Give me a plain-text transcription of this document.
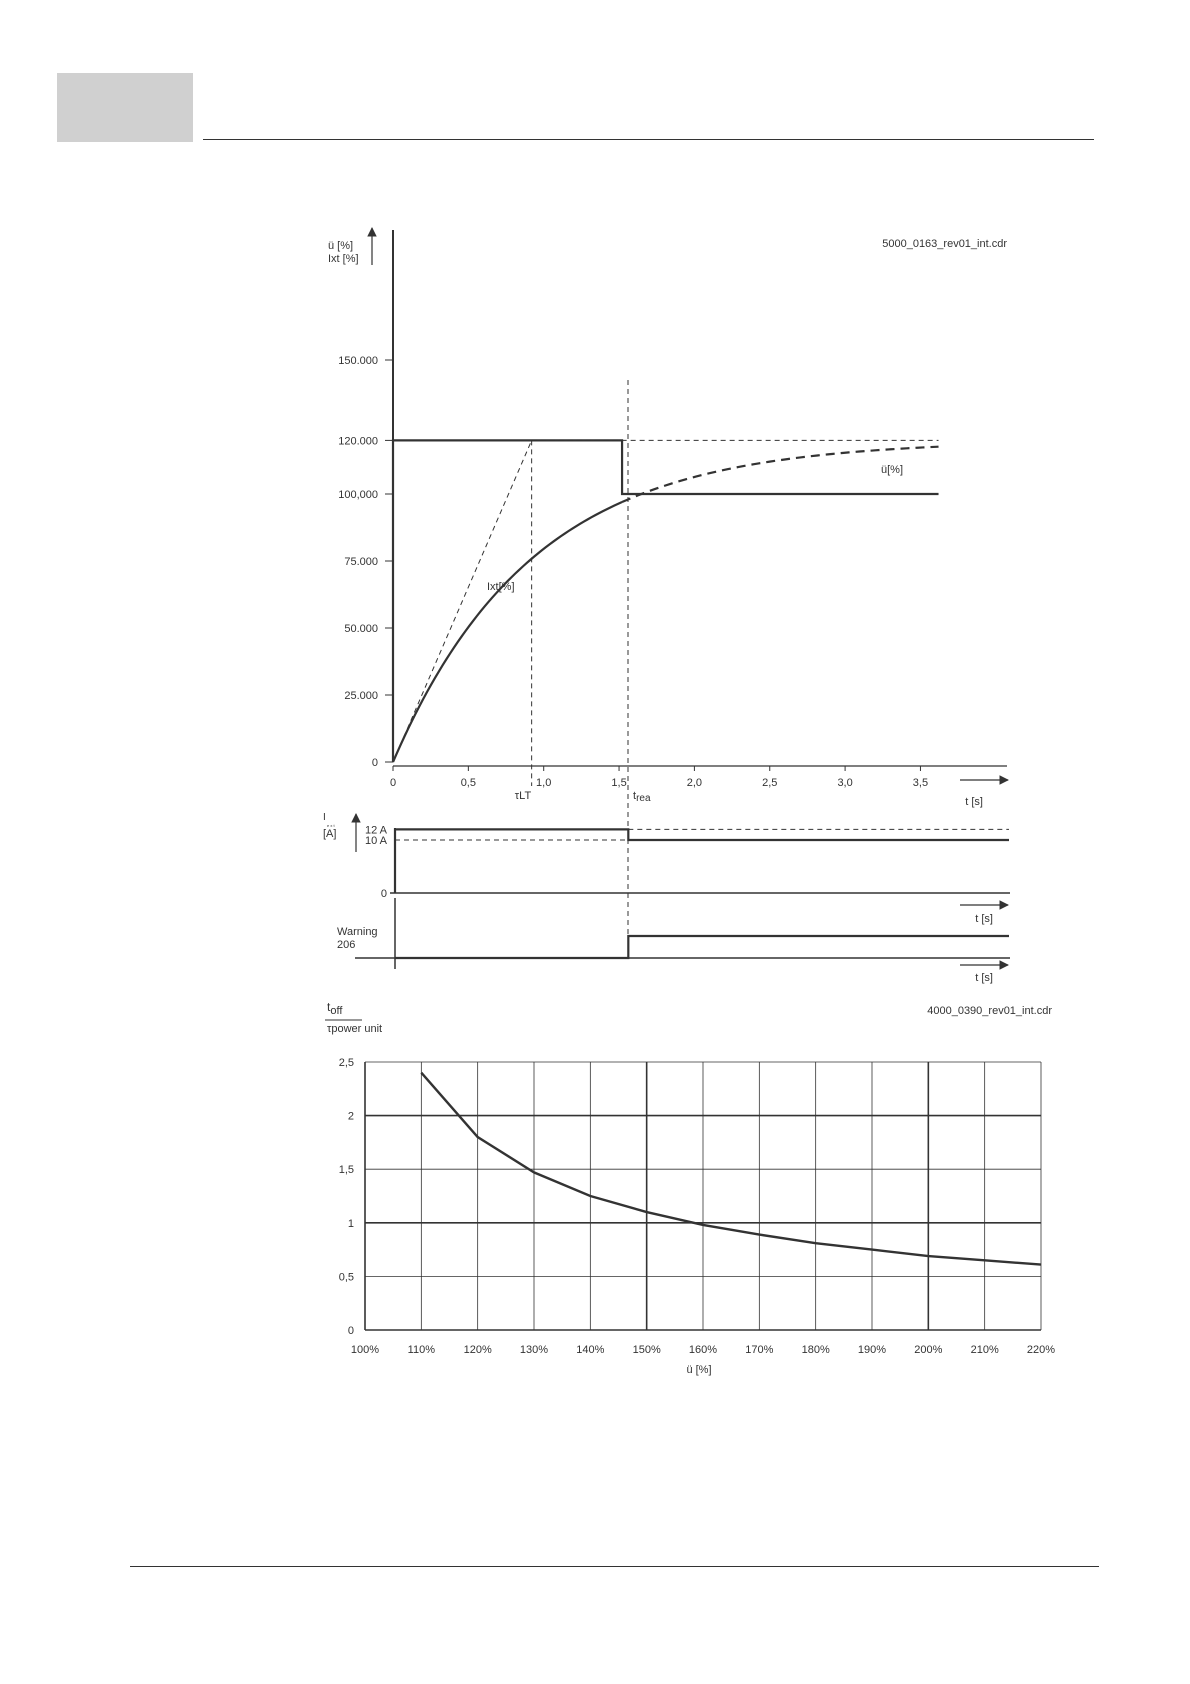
5000_0163_rev01_int.cdr
ü [%]
Ixt [%]
t [s]
0
25.000
50.000
75.000
100,000
120.000
150.000
0	0,5	1,0	1,5	2,0	2,5	3,0	3,5
Ixt[%]
ü[%]
τLT	trea
I
e x t
[A]
t [s]
0
10 A
12 A
Warning
206
t [s]
4000_0390_rev01_int.cdr
toff
τpower unit
0
0,5
1
1,5
2
2,5
100%	110%	120%	130%	140%	150%	160%	170%	180%	190%	200%	210%	220%
ü [%]
